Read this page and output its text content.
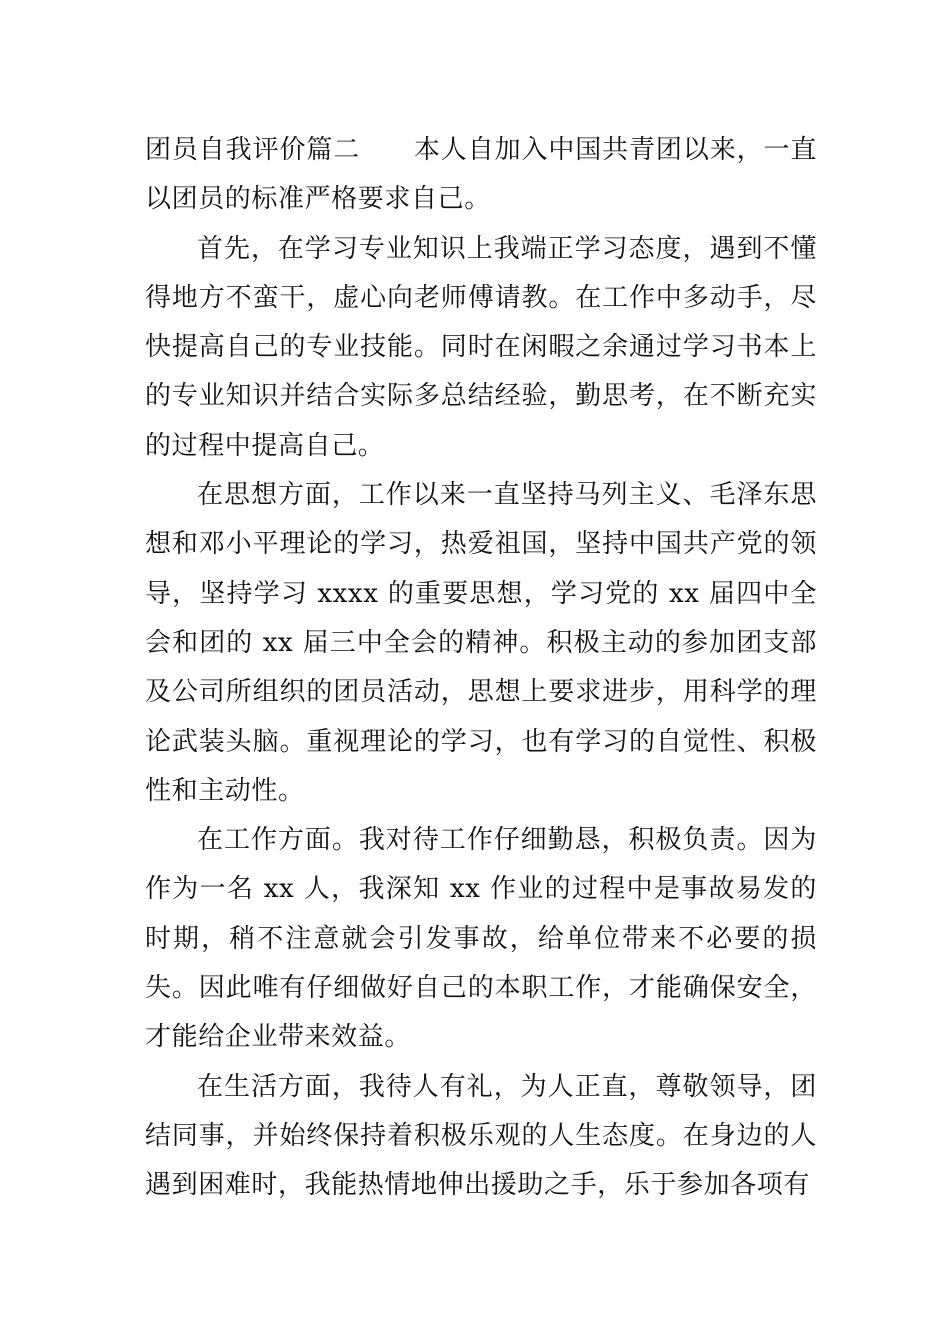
团员自我评价篇二　　本人自加入中国共青团以来，一直以团员的标准严格要求自己。

首先，在学习专业知识上我端正学习态度，遇到不懂得地方不蛮干，虚心向老师傅请教。在工作中多动手，尽快提高自己的专业技能。同时在闲暇之余通过学习书本上的专业知识并结合实际多总结经验，勤思考，在不断充实的过程中提高自己。

在思想方面，工作以来一直坚持马列主义、毛泽东思想和邓小平理论的学习，热爱祖国，坚持中国共产党的领导，坚持学习 xxxx 的重要思想，学习党的 xx 届四中全会和团的 xx 届三中全会的精神。积极主动的参加团支部及公司所组织的团员活动，思想上要求进步，用科学的理论武装头脑。重视理论的学习，也有学习的自觉性、积极性和主动性。

在工作方面。我对待工作仔细勤恳，积极负责。因为作为一名 xx 人，我深知 xx 作业的过程中是事故易发的时期，稍不注意就会引发事故，给单位带来不必要的损失。因此唯有仔细做好自己的本职工作，才能确保安全，才能给企业带来效益。

在生活方面，我待人有礼，为人正直，尊敬领导，团结同事，并始终保持着积极乐观的人生态度。在身边的人遇到困难时，我能热情地伸出援助之手，乐于参加各项有
